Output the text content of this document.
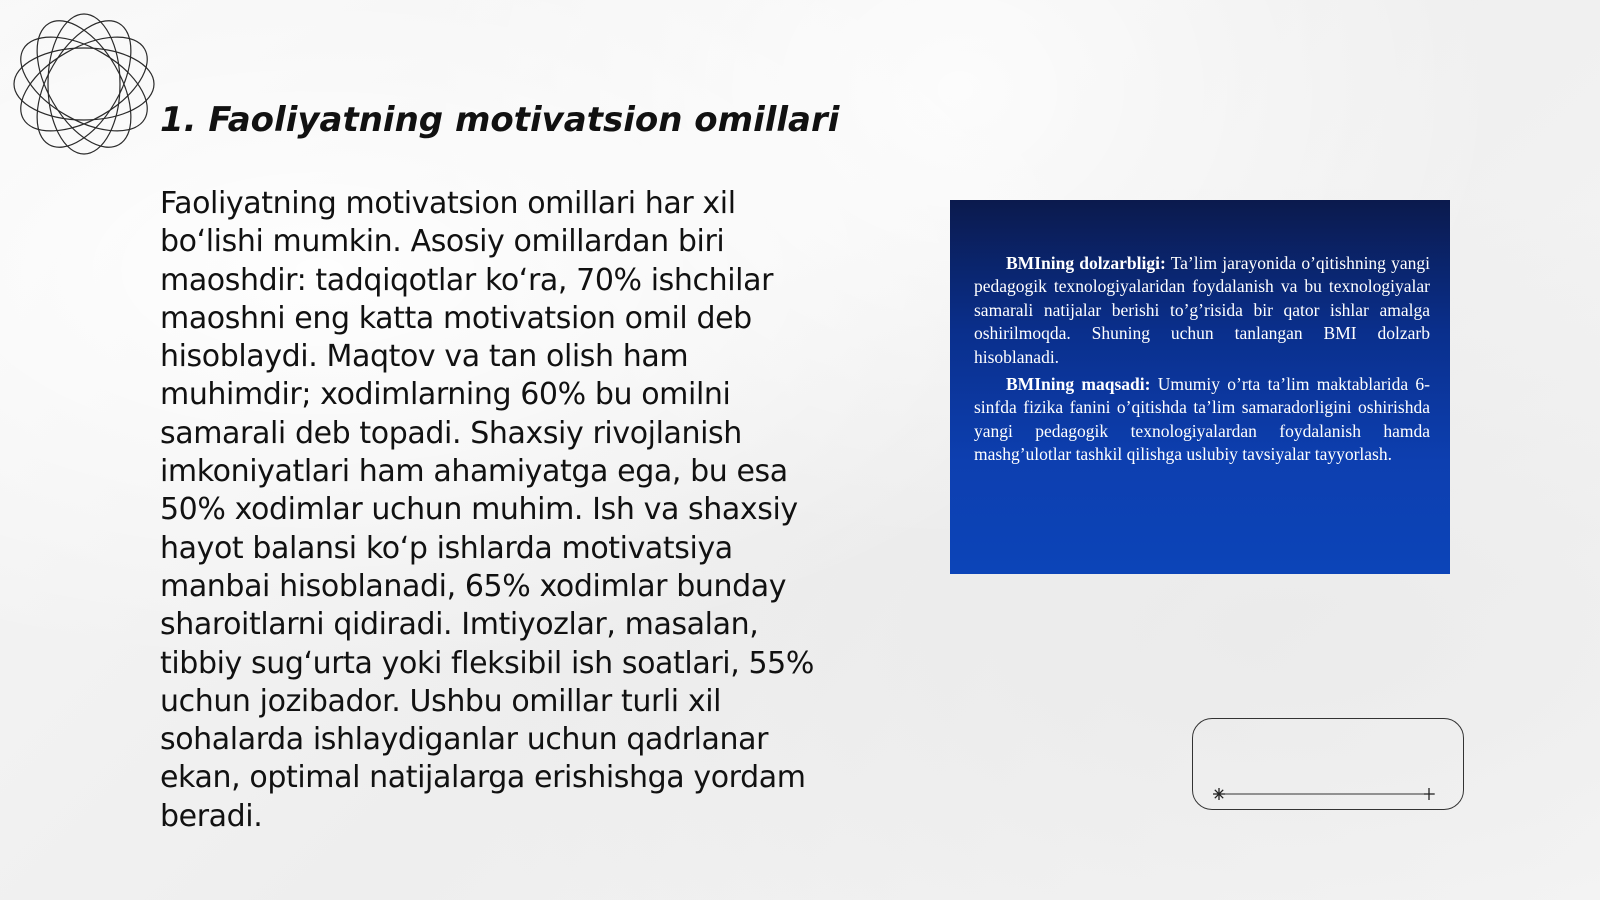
1. Faoliyatning motivatsion omillari

Faoliyatning motivatsion omillari har xil bo‘lishi mumkin. Asosiy omillardan biri maoshdir: tadqiqotlar ko‘ra, 70% ishchilar maoshni eng katta motivatsion omil deb hisoblaydi. Maqtov va tan olish ham muhimdir; xodimlarning 60% bu omilni samarali deb topadi. Shaxsiy rivojlanish imkoniyatlari ham ahamiyatga ega, bu esa 50% xodimlar uchun muhim. Ish va shaxsiy hayot balansi ko‘p ishlarda motivatsiya manbai hisoblanadi, 65% xodimlar bunday sharoitlarni qidiradi. Imtiyozlar, masalan, tibbiy sug‘urta yoki fleksibil ish soatlari, 55% uchun jozibador. Ushbu omillar turli xil sohalarda ishlaydiganlar uchun qadrlanar ekan, optimal natijalarga erishishga yordam beradi.

BMIning dolzarbligi: Ta’lim jarayonida o’qitishning yangi pedagogik texnologiyalaridan foydalanish va bu texnologiyalar samarali natijalar berishi to’g’risida bir qator ishlar amalga oshirilmoqda. Shuning uchun tanlangan BMI dolzarb hisoblanadi.

BMIning maqsadi: Umumiy o’rta ta’lim maktablarida 6-sinfda fizika fanini o’qitishda ta’lim samaradorligini oshirishda yangi pedagogik texnologiyalardan foydalanish hamda mashg’ulotlar tashkil qilishga uslubiy tavsiyalar tayyorlash.
